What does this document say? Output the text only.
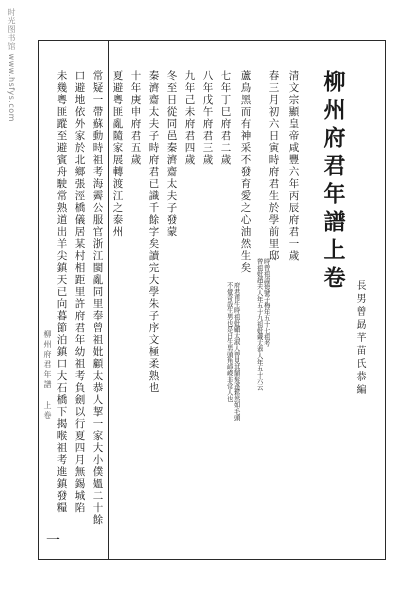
时光图书馆 www.hsfys.com
柳州府君年譜
上卷
長男曾勗芊苗氏恭編
清文宗顯皇帝咸豐六年丙辰府君一歲
時曾祖諱德號子梅年五十七祖考
曾祖妣趙夫人年五十九祖妣戴太恭人年五十六云
春三月初六日寅時府君生於學前里邸
蘆鳥黑而有神采不發育愛之心油然生矣
府君甫生時祖妣顧太淑人曾見其額髮蓬鬆然如毛頭
不覺奇哉生男也是日生男頭角崢嶸非常人也
七年丁巳府君二歲
八年戊午府君三歲
九年己未府君四歲
冬至日從同邑秦濟齋太夫子發蒙
秦濟齋太夫子時府君已識千餘字矣讀完大學朱子序文極柔熟也
十年庚申府君五歲
夏避粵匪亂隨家展轉渡江之泰州
常疑一帶蘇動時祖考海霽公服官浙江閩亂同里奉曾祖妣顧太恭人挈一家大小僕媼二十餘
口避地依外家於北鄉張涇橋儀居某村相距里許府君年幼祖考負劍以行夏四月無錫城陷
未幾粵匪蹤至避賓舟駛常熟道出羊尖鎮天已向暮節泊鎮口大石橋下揭喉祖考進鎮發糧
柳州府君年譜 上卷
一
